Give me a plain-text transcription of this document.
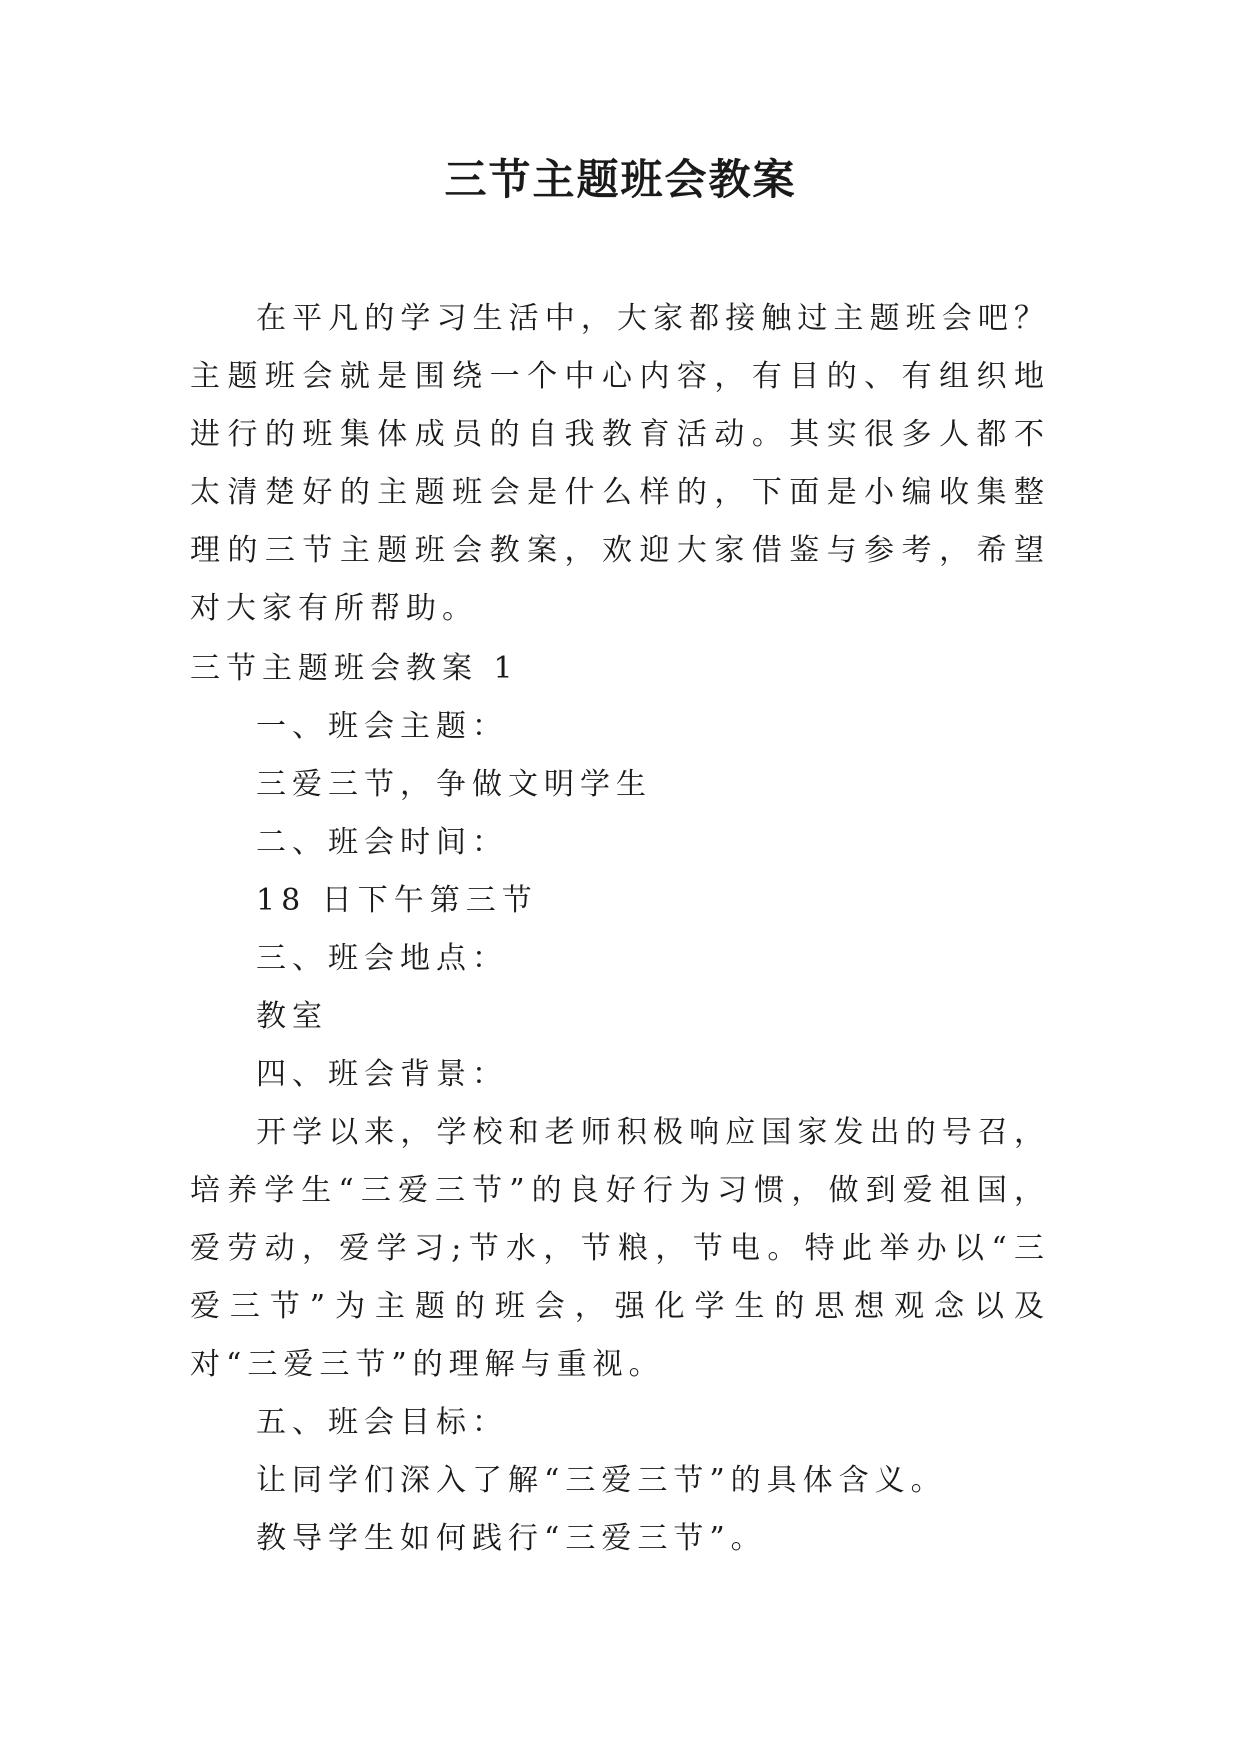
三节主题班会教案

在平凡的学习生活中，大家都接触过主题班会吧？主题班会就是围绕一个中心内容，有目的、有组织地进行的班集体成员的自我教育活动。其实很多人都不太清楚好的主题班会是什么样的，下面是小编收集整理的三节主题班会教案，欢迎大家借鉴与参考，希望对大家有所帮助。

三节主题班会教案 1

一、班会主题：

三爱三节，争做文明学生

二、班会时间：

18 日下午第三节

三、班会地点：

教室

四、班会背景：

开学以来，学校和老师积极响应国家发出的号召，培养学生“三爱三节”的良好行为习惯，做到爱祖国，爱劳动，爱学习;节水，节粮，节电。特此举办以“三爱三节”为主题的班会，强化学生的思想观念以及对“三爱三节”的理解与重视。

五、班会目标：

让同学们深入了解“三爱三节”的具体含义。

教导学生如何践行“三爱三节”。
